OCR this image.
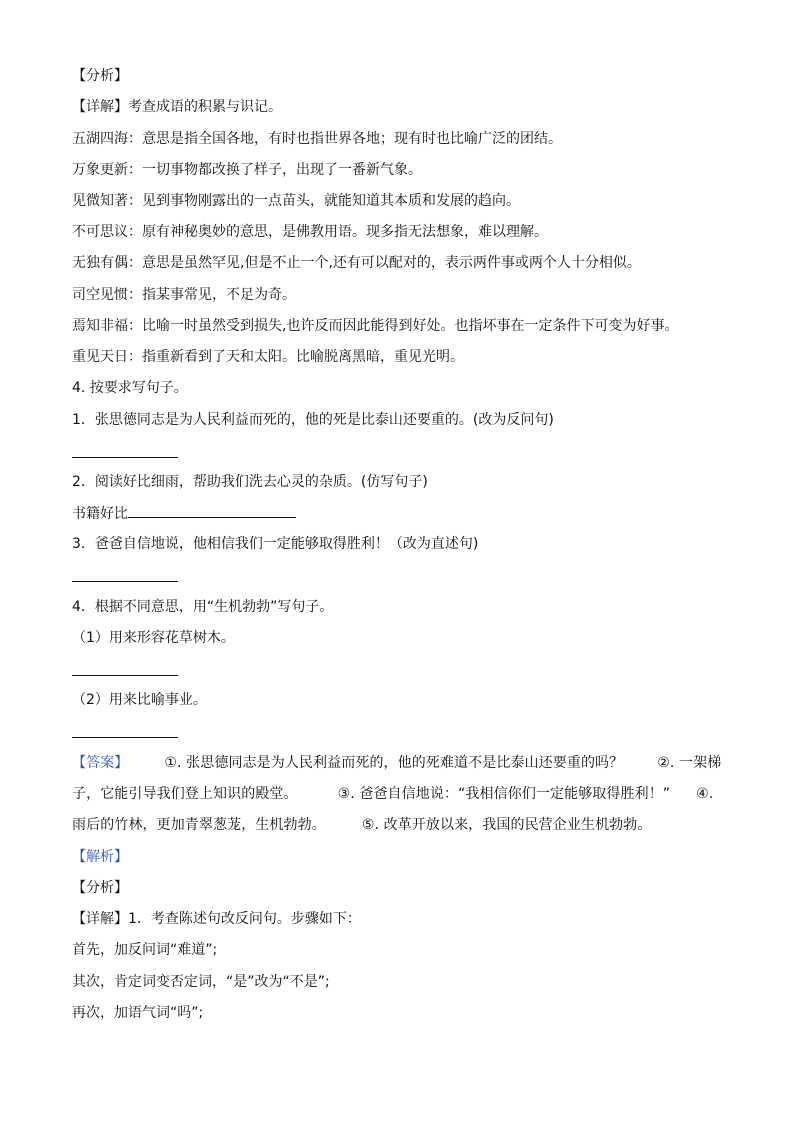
【分析】
【详解】考查成语的积累与识记。
五湖四海：意思是指全国各地，有时也指世界各地；现有时也比喻广泛的团结。
万象更新：一切事物都改换了样子，出现了一番新气象。
见微知著：见到事物刚露出的一点苗头，就能知道其本质和发展的趋向。
不可思议：原有神秘奥妙的意思，是佛教用语。现多指无法想象，难以理解。
无独有偶：意思是虽然罕见,但是不止一个,还有可以配对的，表示两件事或两个人十分相似。
司空见惯：指某事常见，不足为奇。
焉知非福：比喻一时虽然受到损失,也许反而因此能得到好处。也指坏事在一定条件下可变为好事。
重见天日：指重新看到了天和太阳。比喻脱离黑暗，重见光明。
4. 按要求写句子。
1．张思德同志是为人民利益而死的，他的死是比泰山还要重的。(改为反问句)
2．阅读好比细雨，帮助我们洗去心灵的杂质。(仿写句子)
书籍好比
3．爸爸自信地说，他相信我们一定能够取得胜利！（改为直述句)
4．根据不同意思，用“生机勃勃”写句子。
（1）用来形容花草树木。
（2）用来比喻事业。
【答案】	①. 张思德同志是为人民利益而死的，他的死难道不是比泰山还要重的吗？ ②. 一架梯
子，它能引导我们登上知识的殿堂。	③. 爸爸自信地说：“我相信你们一定能够取得胜利！” ④.
雨后的竹林，更加青翠葱茏，生机勃勃。	⑤. 改革开放以来，我国的民营企业生机勃勃。
【解析】
【分析】
【详解】1．考查陈述句改反问句。步骤如下：
首先，加反问词“难道”;
其次，肯定词变否定词，“是”改为“不是”;
再次，加语气词“吗”;
